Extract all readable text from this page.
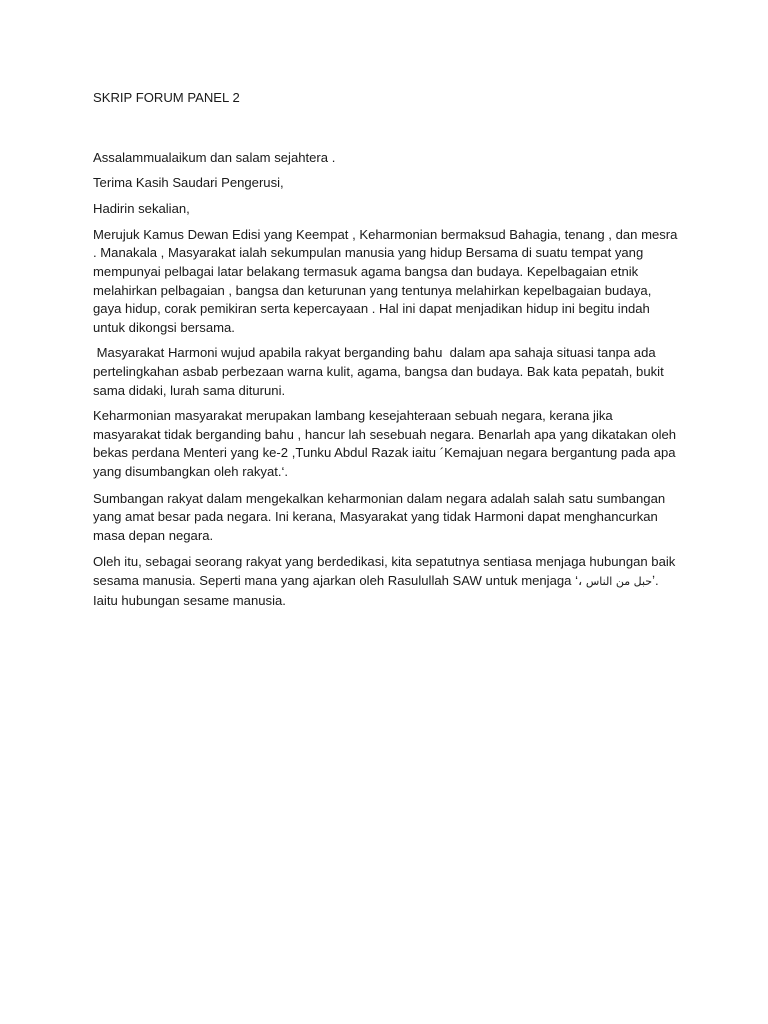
SKRIP FORUM PANEL 2

Assalammualaikum dan salam sejahtera .

Terima Kasih Saudari Pengerusi,

Hadirin sekalian,

Merujuk Kamus Dewan Edisi yang Keempat , Keharmonian bermaksud Bahagia, tenang , dan mesra . Manakala , Masyarakat ialah sekumpulan manusia yang hidup Bersama di suatu tempat yang mempunyai pelbagai latar belakang termasuk agama bangsa dan budaya. Kepelbagaian etnik melahirkan pelbagaian , bangsa dan keturunan yang tentunya melahirkan kepelbagaian budaya, gaya hidup, corak pemikiran serta kepercayaan . Hal ini dapat menjadikan hidup ini begitu indah untuk dikongsi bersama.

Masyarakat Harmoni wujud apabila rakyat berganding bahu  dalam apa sahaja situasi tanpa ada pertelingkahan asbab perbezaan warna kulit, agama, bangsa dan budaya. Bak kata pepatah, bukit sama didaki, lurah sama dituruni.

Keharmonian masyarakat merupakan lambang kesejahteraan sebuah negara, kerana jika masyarakat tidak berganding bahu , hancur lah sesebuah negara. Benarlah apa yang dikatakan oleh bekas perdana Menteri yang ke-2 ,Tunku Abdul Razak iaitu ´Kemajuan negara bergantung pada apa yang disumbangkan oleh rakyat.‘.

Sumbangan rakyat dalam mengekalkan keharmonian dalam negara adalah salah satu sumbangan yang amat besar pada negara. Ini kerana, Masyarakat yang tidak Harmoni dapat menghancurkan masa depan negara.

Oleh itu, sebagai seorang rakyat yang berdedikasi, kita sepatutnya sentiasa menjaga hubungan baik sesama manusia. Seperti mana yang ajarkan oleh Rasulullah SAW untuk menjaga ‘، حبل من الناسʼ. Iaitu hubungan sesame manusia.
